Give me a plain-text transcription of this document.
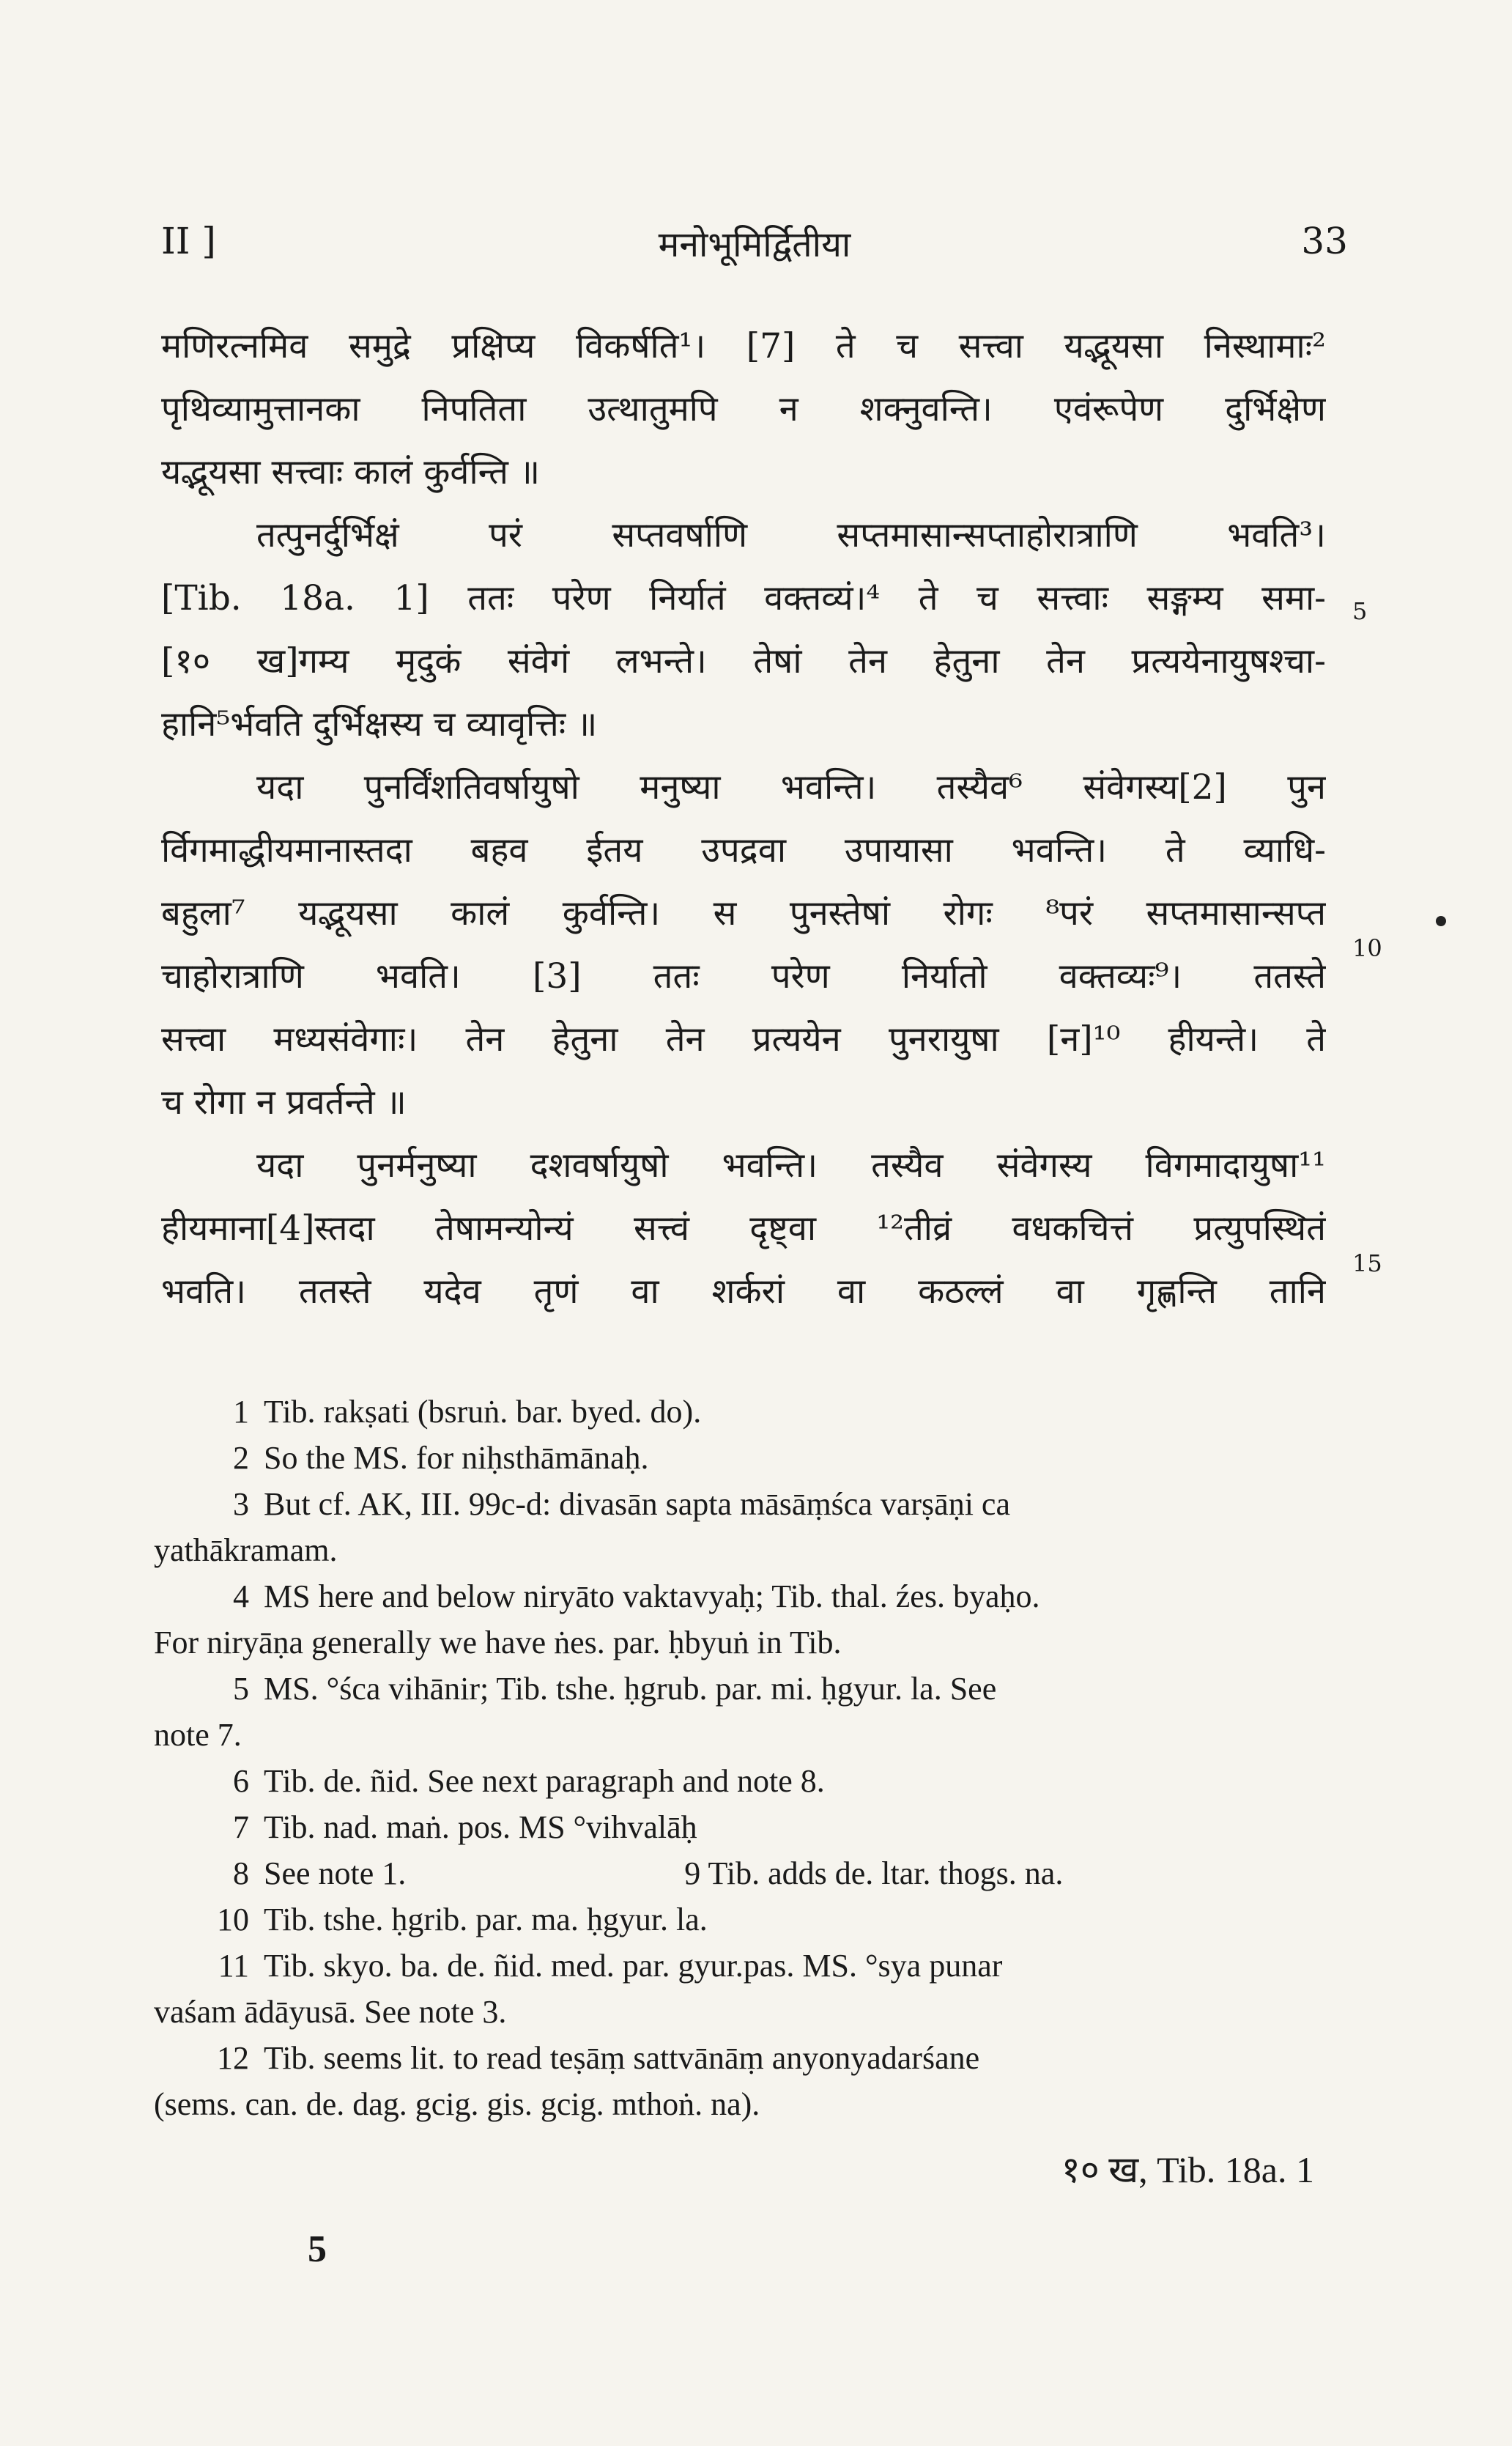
II ]	मनोभूमिर्द्वितीया	33
मणिरत्नमिव समुद्रे प्रक्षिप्य विकर्षति¹। [7] ते च सत्त्वा यद्भूयसा निस्थामाः²
पृथिव्यामुत्तानका निपतिता उत्थातुमपि न शक्नुवन्ति। एवंरूपेण दुर्भिक्षेण
यद्भूयसा सत्त्वाः कालं कुर्वन्ति ॥
तत्पुनर्दुर्भिक्षं परं सप्तवर्षाणि सप्तमासान्सप्ताहोरात्राणि भवति³।
[Tib. 18a. 1] ततः परेण निर्यातं वक्तव्यं।⁴ ते च सत्त्वाः सङ्गम्य समा-
[१० ख]गम्य मृदुकं संवेगं लभन्ते। तेषां तेन हेतुना तेन प्रत्ययेनायुषश्चा-
हानि⁵र्भवति दुर्भिक्षस्य च व्यावृत्तिः ॥
यदा पुनर्विंशतिवर्षायुषो मनुष्या भवन्ति। तस्यैव⁶ संवेगस्य[2] पुन
र्विगमाद्धीयमानास्तदा बहव ईतय उपद्रवा उपायासा भवन्ति। ते व्याधि-
बहुला⁷ यद्भूयसा कालं कुर्वन्ति। स पुनस्तेषां रोगः ⁸परं सप्तमासान्सप्त
चाहोरात्राणि भवति। [3] ततः परेण निर्यातो वक्तव्यः⁹। ततस्ते
सत्त्वा मध्यसंवेगाः। तेन हेतुना तेन प्रत्ययेन पुनरायुषा [न]¹⁰ हीयन्ते। ते
च रोगा न प्रवर्तन्ते ॥
यदा पुनर्मनुष्या दशवर्षायुषो भवन्ति। तस्यैव संवेगस्य विगमादायुषा¹¹
हीयमाना[4]स्तदा तेषामन्योन्यं सत्त्वं दृष्ट्वा ¹²तीव्रं वधकचित्तं प्रत्युपस्थितं
भवति। ततस्ते यदेव तृणं वा शर्करां वा कठल्लं वा गृह्णन्ति तानि
5
10
15
1 Tib. rakṣati (bsruṅ. bar. byed. do).
2 So the MS. for niḥsthāmānaḥ.
3 But cf. AK, III. 99c-d: divasān sapta māsāṃśca varṣāṇi ca
yathākramam.
4 MS here and below niryāto vaktavyaḥ; Tib. thal. źes. byaḥo.
For niryāṇa generally we have ṅes. par. ḥbyuṅ in Tib.
5 MS. °śca vihānir; Tib. tshe. ḥgrub. par. mi. ḥgyur. la. See
note 7.
6 Tib. de. ñid. See next paragraph and note 8.
7 Tib. nad. maṅ. pos. MS °vihvalāḥ
8 See note 1.	9 Tib. adds de. ltar. thogs. na.
10 Tib. tshe. ḥgrib. par. ma. ḥgyur. la.
11 Tib. skyo. ba. de. ñid. med. par. gyur.pas. MS. °sya punar
vaśam ādāyusā. See note 3.
12 Tib. seems lit. to read teṣāṃ sattvānāṃ anyonyadarśane
(sems. can. de. dag. gcig. gis. gcig. mthoṅ. na).
१० ख, Tib. 18a. 1
5
